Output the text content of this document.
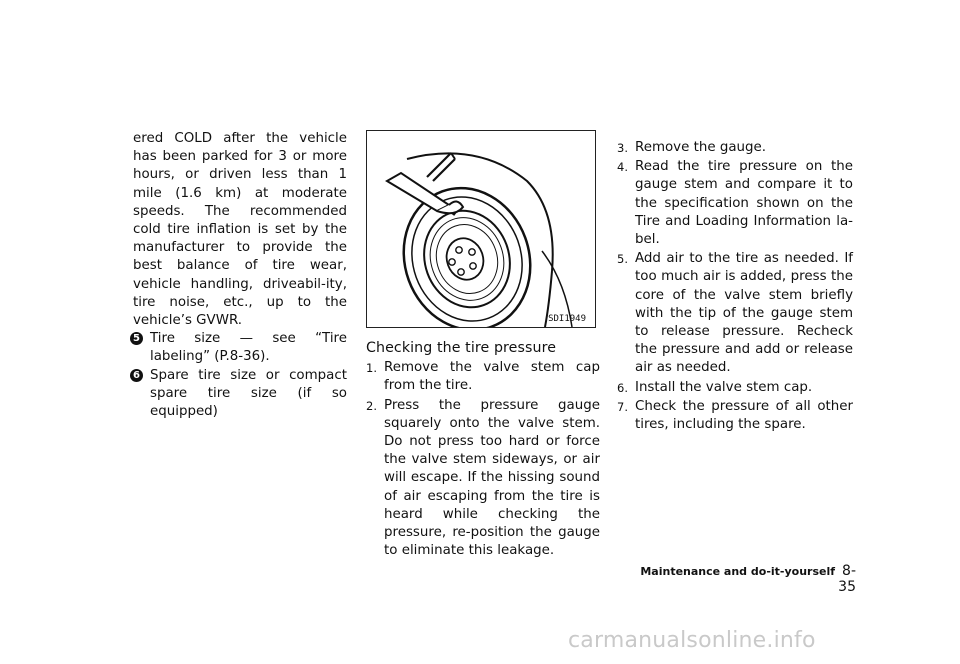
ered COLD after the vehicle has been parked for 3 or more hours, or driven less than 1 mile (1.6 km) at moderate speeds. The recommended cold tire inflation is set by the manufacturer to provide the best balance of tire wear, vehicle handling, driveabil-ity, tire noise, etc., up to the vehicle’s GVWR.

5 Tire size — see “Tire labeling” (P.8-36).
6 Spare tire size or compact spare tire size (if so equipped)
SDI1949
Checking the tire pressure
1. Remove the valve stem cap from the tire.
2. Press the pressure gauge squarely onto the valve stem. Do not press too hard or force the valve stem sideways, or air will escape. If the hissing sound of air escaping from the tire is heard while checking the pressure, re-position the gauge to eliminate this leakage.
3. Remove the gauge.
4. Read the tire pressure on the gauge stem and compare it to the specification shown on the Tire and Loading Information la-bel.
5. Add air to the tire as needed. If too much air is added, press the core of the valve stem briefly with the tip of the gauge stem to release pressure. Recheck the pressure and add or release air as needed.
6. Install the valve stem cap.
7. Check the pressure of all other tires, including the spare.
Maintenance and do-it-yourself 8-35
carmanualsonline.info
